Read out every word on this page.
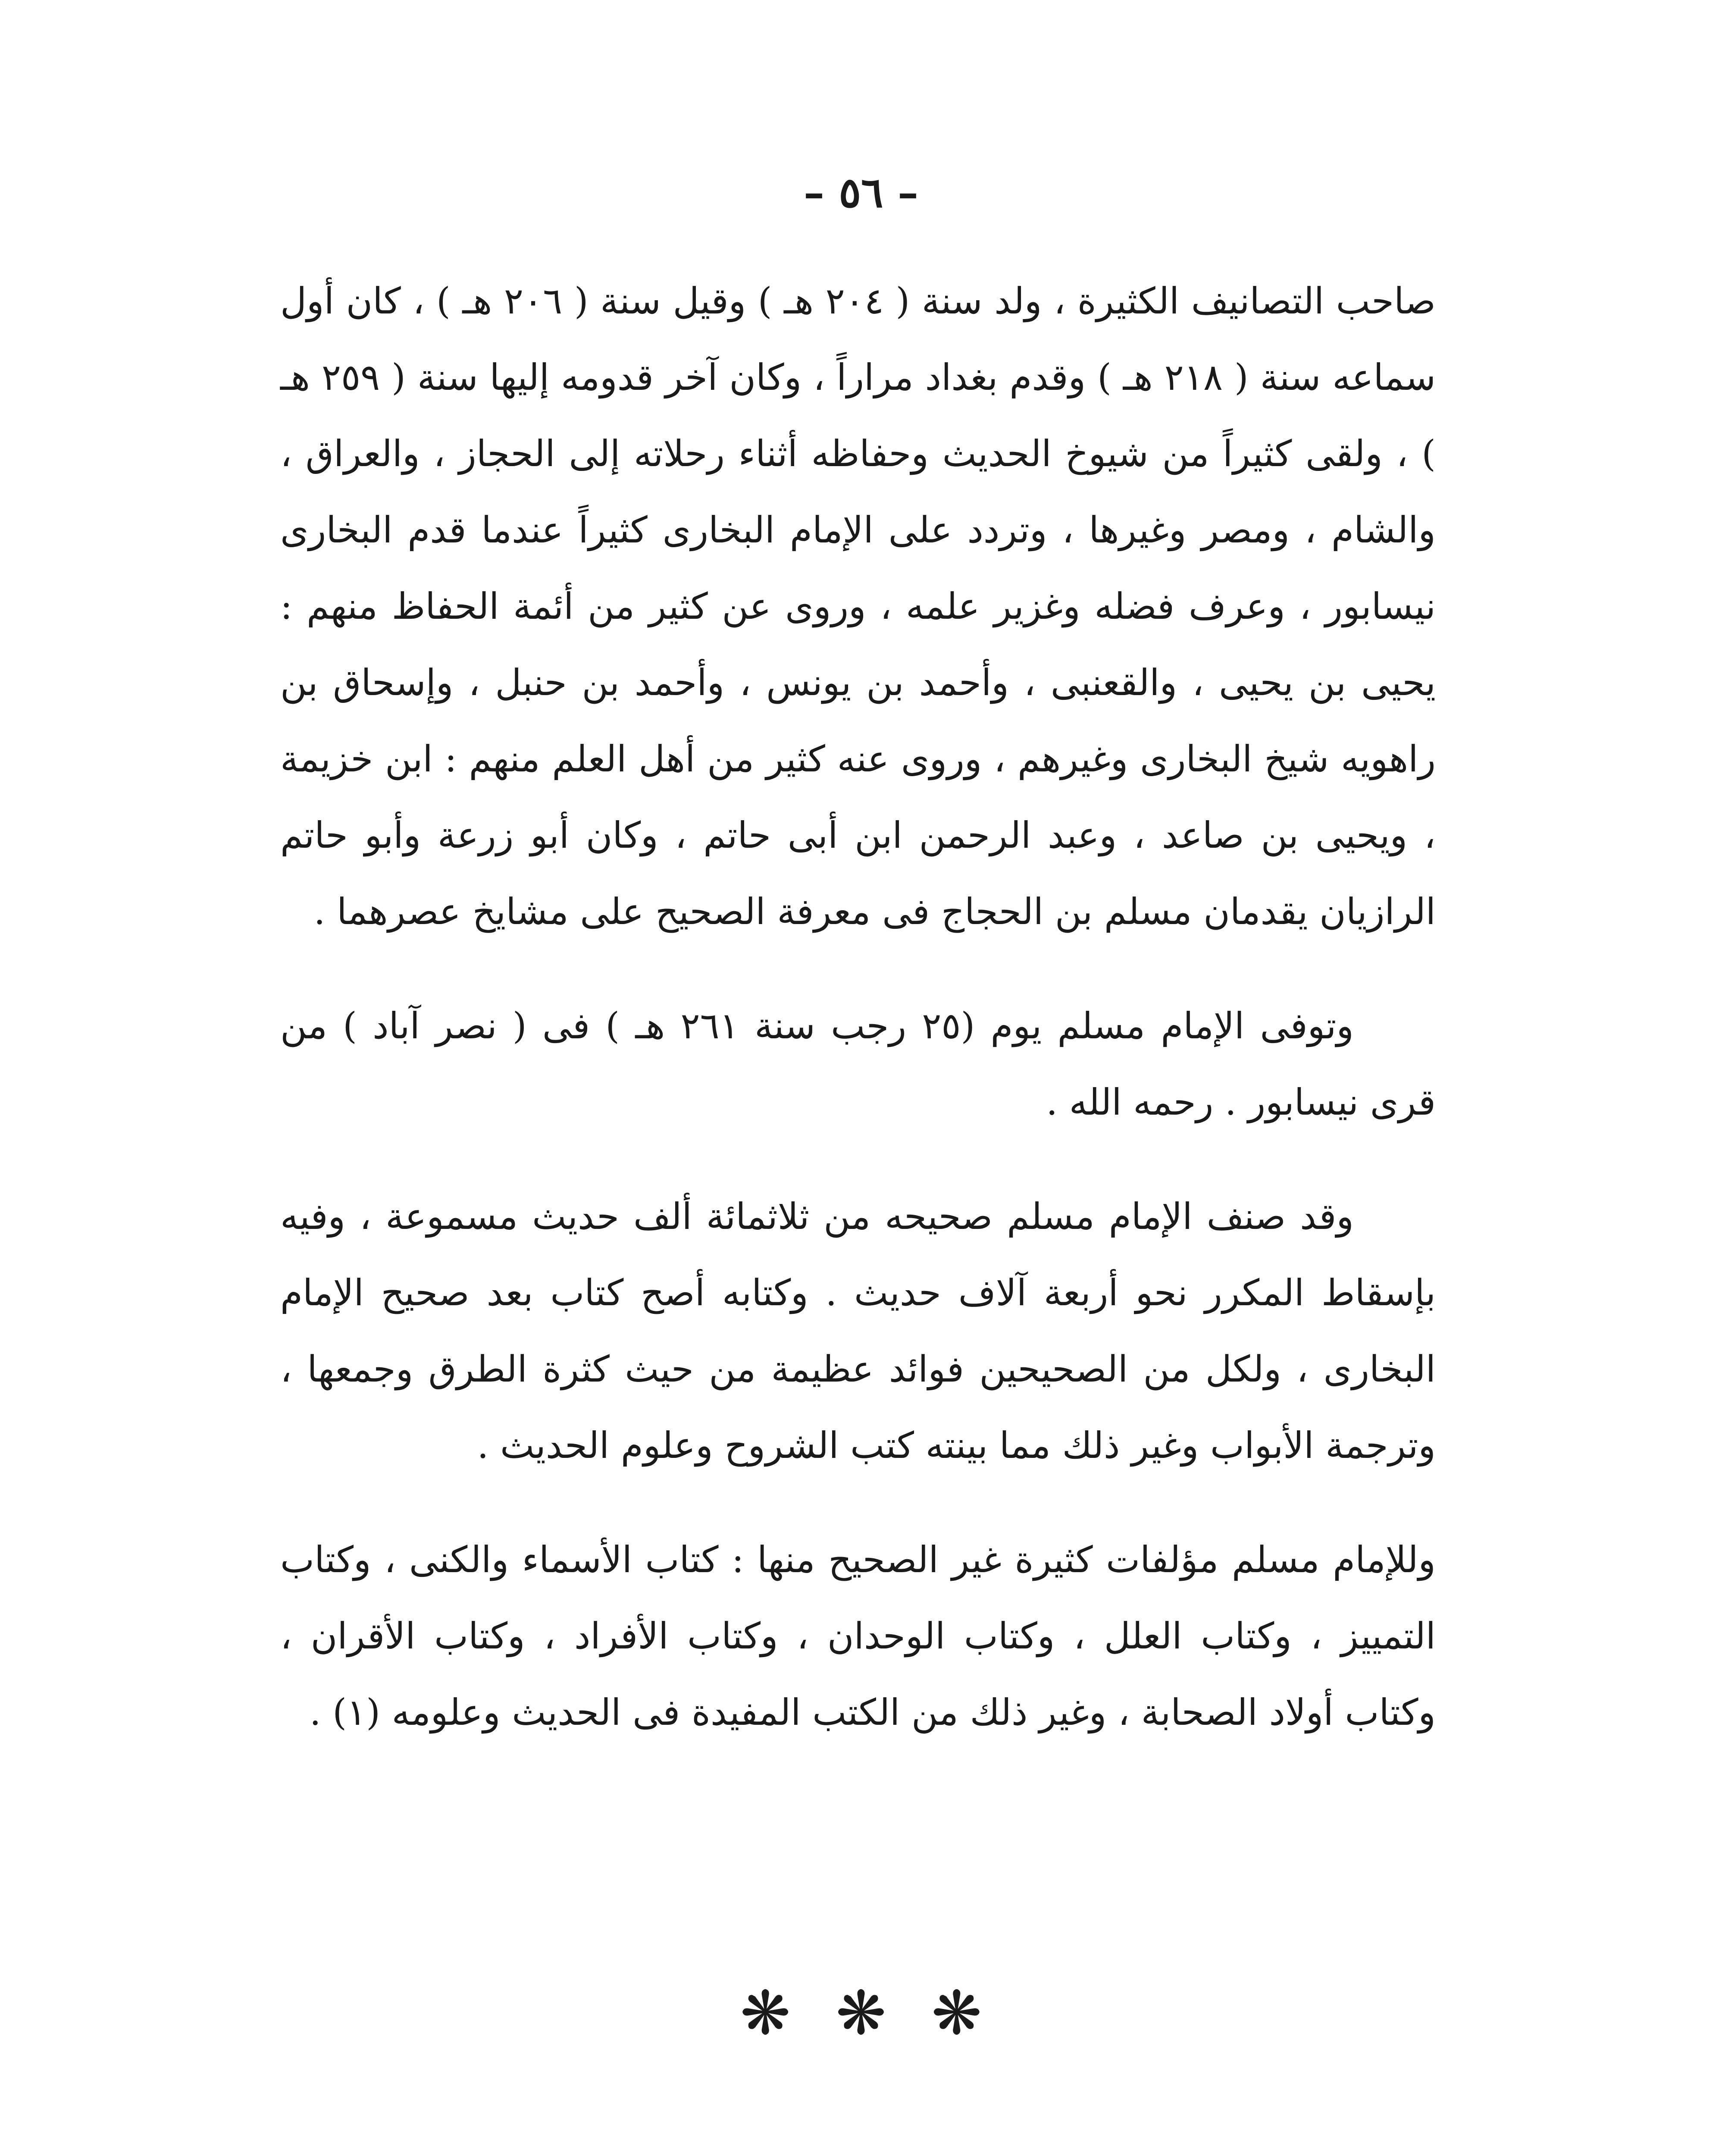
– ٥٦ –

صاحب التصانيف الكثيرة ، ولد سنة ( ٢٠٤ هـ ) وقيل سنة ( ٢٠٦ هـ ) ، كان أول سماعه سنة ( ٢١٨ هـ ) وقدم بغداد مراراً ، وكان آخر قدومه إليها سنة ( ٢٥٩ هـ ) ، ولقى كثيراً من شيوخ الحديث وحفاظه أثناء رحلاته إلى الحجاز ، والعراق ، والشام ، ومصر وغيرها ، وتردد على الإمام البخارى كثيراً عندما قدم البخارى نيسابور ، وعرف فضله وغزير علمه ، وروى عن كثير من أئمة الحفاظ منهم : يحيى بن يحيى ، والقعنبى ، وأحمد بن يونس ، وأحمد بن حنبل ، وإسحاق بن راهويه شيخ البخارى وغيرهم ، وروى عنه كثير من أهل العلم منهم : ابن خزيمة ، ويحيى بن صاعد ، وعبد الرحمن ابن أبى حاتم ، وكان أبو زرعة وأبو حاتم الرازيان يقدمان مسلم بن الحجاج فى معرفة الصحيح على مشايخ عصرهما .

وتوفى الإمام مسلم يوم (٢٥ رجب سنة ٢٦١ هـ ) فى ( نصر آباد ) من قرى نيسابور . رحمه الله .

وقد صنف الإمام مسلم صحيحه من ثلاثمائة ألف حديث مسموعة ، وفيه بإسقاط المكرر نحو أربعة آلاف حديث . وكتابه أصح كتاب بعد صحيح الإمام البخارى ، ولكل من الصحيحين فوائد عظيمة من حيث كثرة الطرق وجمعها ، وترجمة الأبواب وغير ذلك مما بينته كتب الشروح وعلوم الحديث .

وللإمام مسلم مؤلفات كثيرة غير الصحيح منها : كتاب الأسماء والكنى ، وكتاب التمييز ، وكتاب العلل ، وكتاب الوحدان ، وكتاب الأفراد ، وكتاب الأقران ، وكتاب أولاد الصحابة ، وغير ذلك من الكتب المفيدة فى الحديث وعلومه (١) .

❋ ❋ ❋
